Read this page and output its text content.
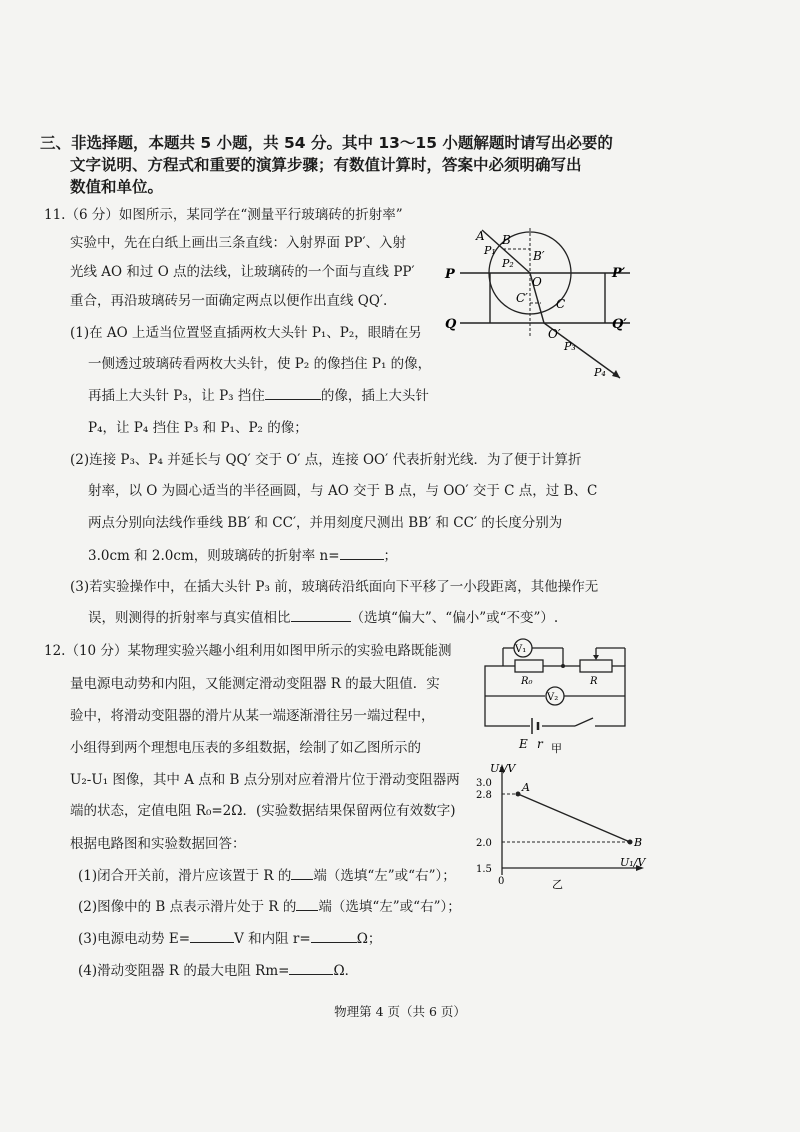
三、非选择题，本题共 5 小题，共 54 分。其中 13～15 小题解题时请写出必要的
文字说明、方程式和重要的演算步骤；有数值计算时，答案中必须明确写出
数值和单位。
11.（6 分）如图所示，某同学在“测量平行玻璃砖的折射率”
实验中，先在白纸上画出三条直线：入射界面 PP′、入射
光线 AO 和过 O 点的法线，让玻璃砖的一个面与直线 PP′
重合，再沿玻璃砖另一面确定两点以便作出直线 QQ′.
(1)在 AO 上适当位置竖直插两枚大头针 P₁、P₂，眼睛在另
一侧透过玻璃砖看两枚大头针，使 P₂ 的像挡住 P₁ 的像，
再插上大头针 P₃，让 P₃ 挡住	的像，插上大头针
P₄，让 P₄ 挡住 P₃ 和 P₁、P₂ 的像；
(2)连接 P₃、P₄ 并延长与 QQ′ 交于 O′ 点，连接 OO′ 代表折射光线．为了便于计算折
射率，以 O 为圆心适当的半径画圆，与 AO 交于 B 点，与 OO′ 交于 C 点，过 B、C
两点分别向法线作垂线 BB′ 和 CC′，并用刻度尺测出 BB′ 和 CC′ 的长度分别为
3.0cm 和 2.0cm，则玻璃砖的折射率 n=	；
(3)若实验操作中，在插大头针 P₃ 前，玻璃砖沿纸面向下平移了一小段距离，其他操作无
误，则测得的折射率与真实值相比	（选填“偏大”、“偏小”或“不变”）.
A B
B′
P₁
P₂
P	P′
O
C′ C
Q	Q′
O′
P₃
P₄
12.（10 分）某物理实验兴趣小组利用如图甲所示的实验电路既能测
量电源电动势和内阻，又能测定滑动变阻器 R 的最大阻值．实
验中，将滑动变阻器的滑片从某一端逐渐滑往另一端过程中，
小组得到两个理想电压表的多组数据，绘制了如乙图所示的
U₂-U₁ 图像，其中 A 点和 B 点分别对应着滑片位于滑动变阻器两
端的状态，定值电阻 R₀=2Ω．(实验数据结果保留两位有效数字)
根据电路图和实验数据回答：
(1)闭合开关前，滑片应该置于 R 的 端（选填“左”或“右”）；
(2)图像中的 B 点表示滑片处于 R 的 端（选填“左”或“右”）；
(3)电源电动势 E=	V 和内阻 r=	Ω；
(4)滑动变阻器 R 的最大电阻 Rm=	Ω．
V₁
V₂
R₀	R
E r 甲
U₂/V
U₁/V
3.0
2.8
2.0
1.5
0
A
B
乙
物理第 4 页（共 6 页）
